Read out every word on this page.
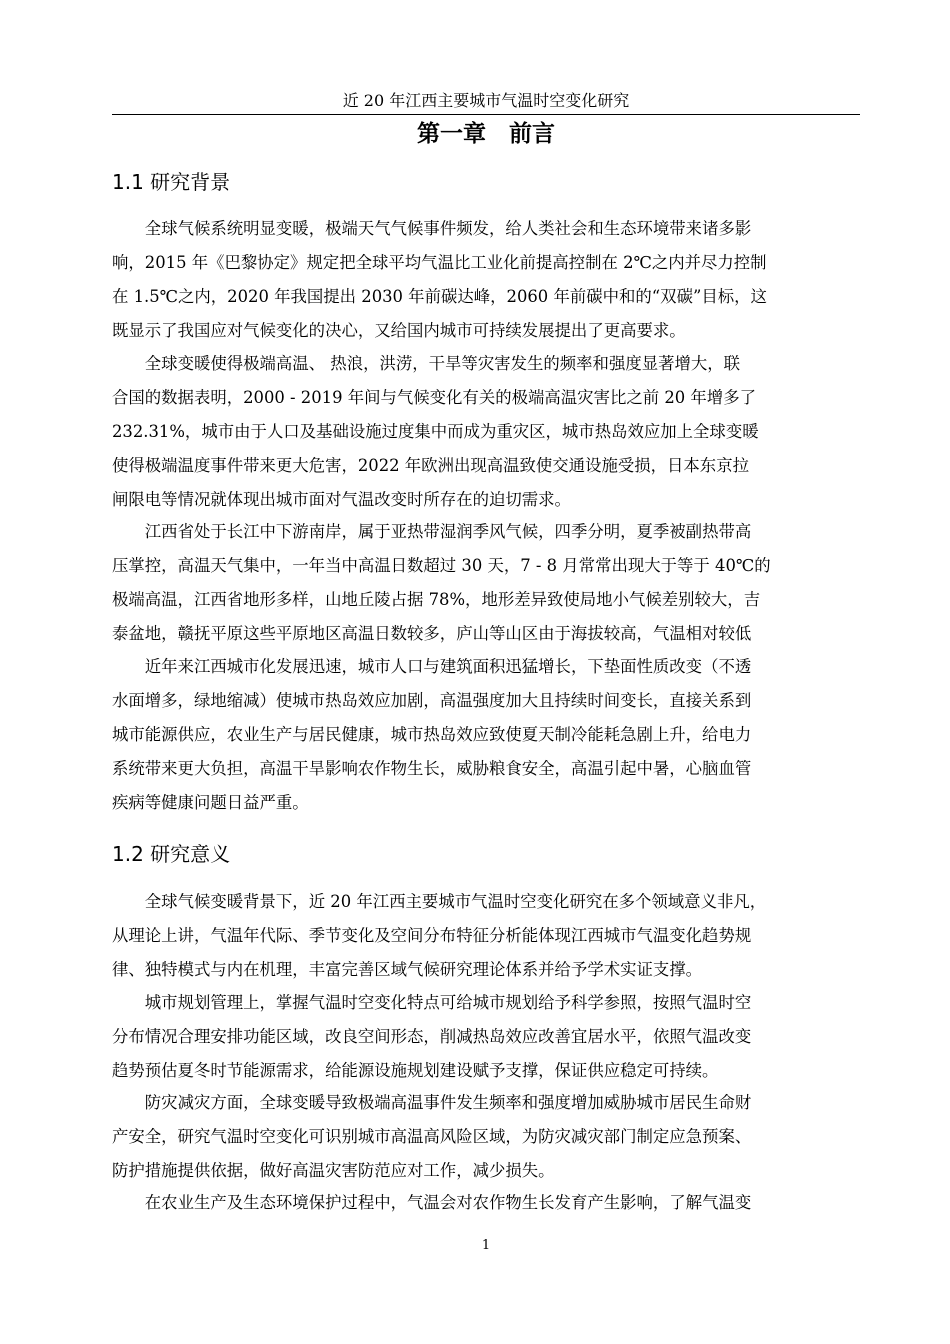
近 20 年江西主要城市气温时空变化研究
第一章　前言
1.1 研究背景

全球气候系统明显变暖，极端天气气候事件频发，给人类社会和生态环境带来诸多影
响，2015 年《巴黎协定》规定把全球平均气温比工业化前提高控制在 2℃之内并尽力控制
在 1.5℃之内，2020 年我国提出 2030 年前碳达峰，2060 年前碳中和的“双碳”目标，这
既显示了我国应对气候变化的决心，又给国内城市可持续发展提出了更高要求。

全球变暖使得极端高温、 热浪，洪涝，干旱等灾害发生的频率和强度显著增大，联
合国的数据表明，2000 - 2019 年间与气候变化有关的极端高温灾害比之前 20 年增多了
232.31%，城市由于人口及基础设施过度集中而成为重灾区，城市热岛效应加上全球变暖
使得极端温度事件带来更大危害，2022 年欧洲出现高温致使交通设施受损，日本东京拉
闸限电等情况就体现出城市面对气温改变时所存在的迫切需求。

江西省处于长江中下游南岸，属于亚热带湿润季风气候，四季分明，夏季被副热带高
压掌控，高温天气集中，一年当中高温日数超过 30 天，7 - 8 月常常出现大于等于 40℃的
极端高温，江西省地形多样，山地丘陵占据 78%，地形差异致使局地小气候差别较大，吉
泰盆地，赣抚平原这些平原地区高温日数较多，庐山等山区由于海拔较高，气温相对较低

近年来江西城市化发展迅速，城市人口与建筑面积迅猛增长，下垫面性质改变（不透
水面增多，绿地缩减）使城市热岛效应加剧，高温强度加大且持续时间变长，直接关系到
城市能源供应，农业生产与居民健康，城市热岛效应致使夏天制冷能耗急剧上升，给电力
系统带来更大负担，高温干旱影响农作物生长，威胁粮食安全，高温引起中暑，心脑血管
疾病等健康问题日益严重。

1.2 研究意义

全球气候变暖背景下，近 20 年江西主要城市气温时空变化研究在多个领域意义非凡，
从理论上讲，气温年代际、季节变化及空间分布特征分析能体现江西城市气温变化趋势规
律、独特模式与内在机理，丰富完善区域气候研究理论体系并给予学术实证支撑。

城市规划管理上，掌握气温时空变化特点可给城市规划给予科学参照，按照气温时空
分布情况合理安排功能区域，改良空间形态，削减热岛效应改善宜居水平，依照气温改变
趋势预估夏冬时节能源需求，给能源设施规划建设赋予支撑，保证供应稳定可持续。

防灾减灾方面，全球变暖导致极端高温事件发生频率和强度增加威胁城市居民生命财
产安全，研究气温时空变化可识别城市高温高风险区域，为防灾减灾部门制定应急预案、
防护措施提供依据，做好高温灾害防范应对工作，减少损失。

在农业生产及生态环境保护过程中，气温会对农作物生长发育产生影响，了解气温变

1
